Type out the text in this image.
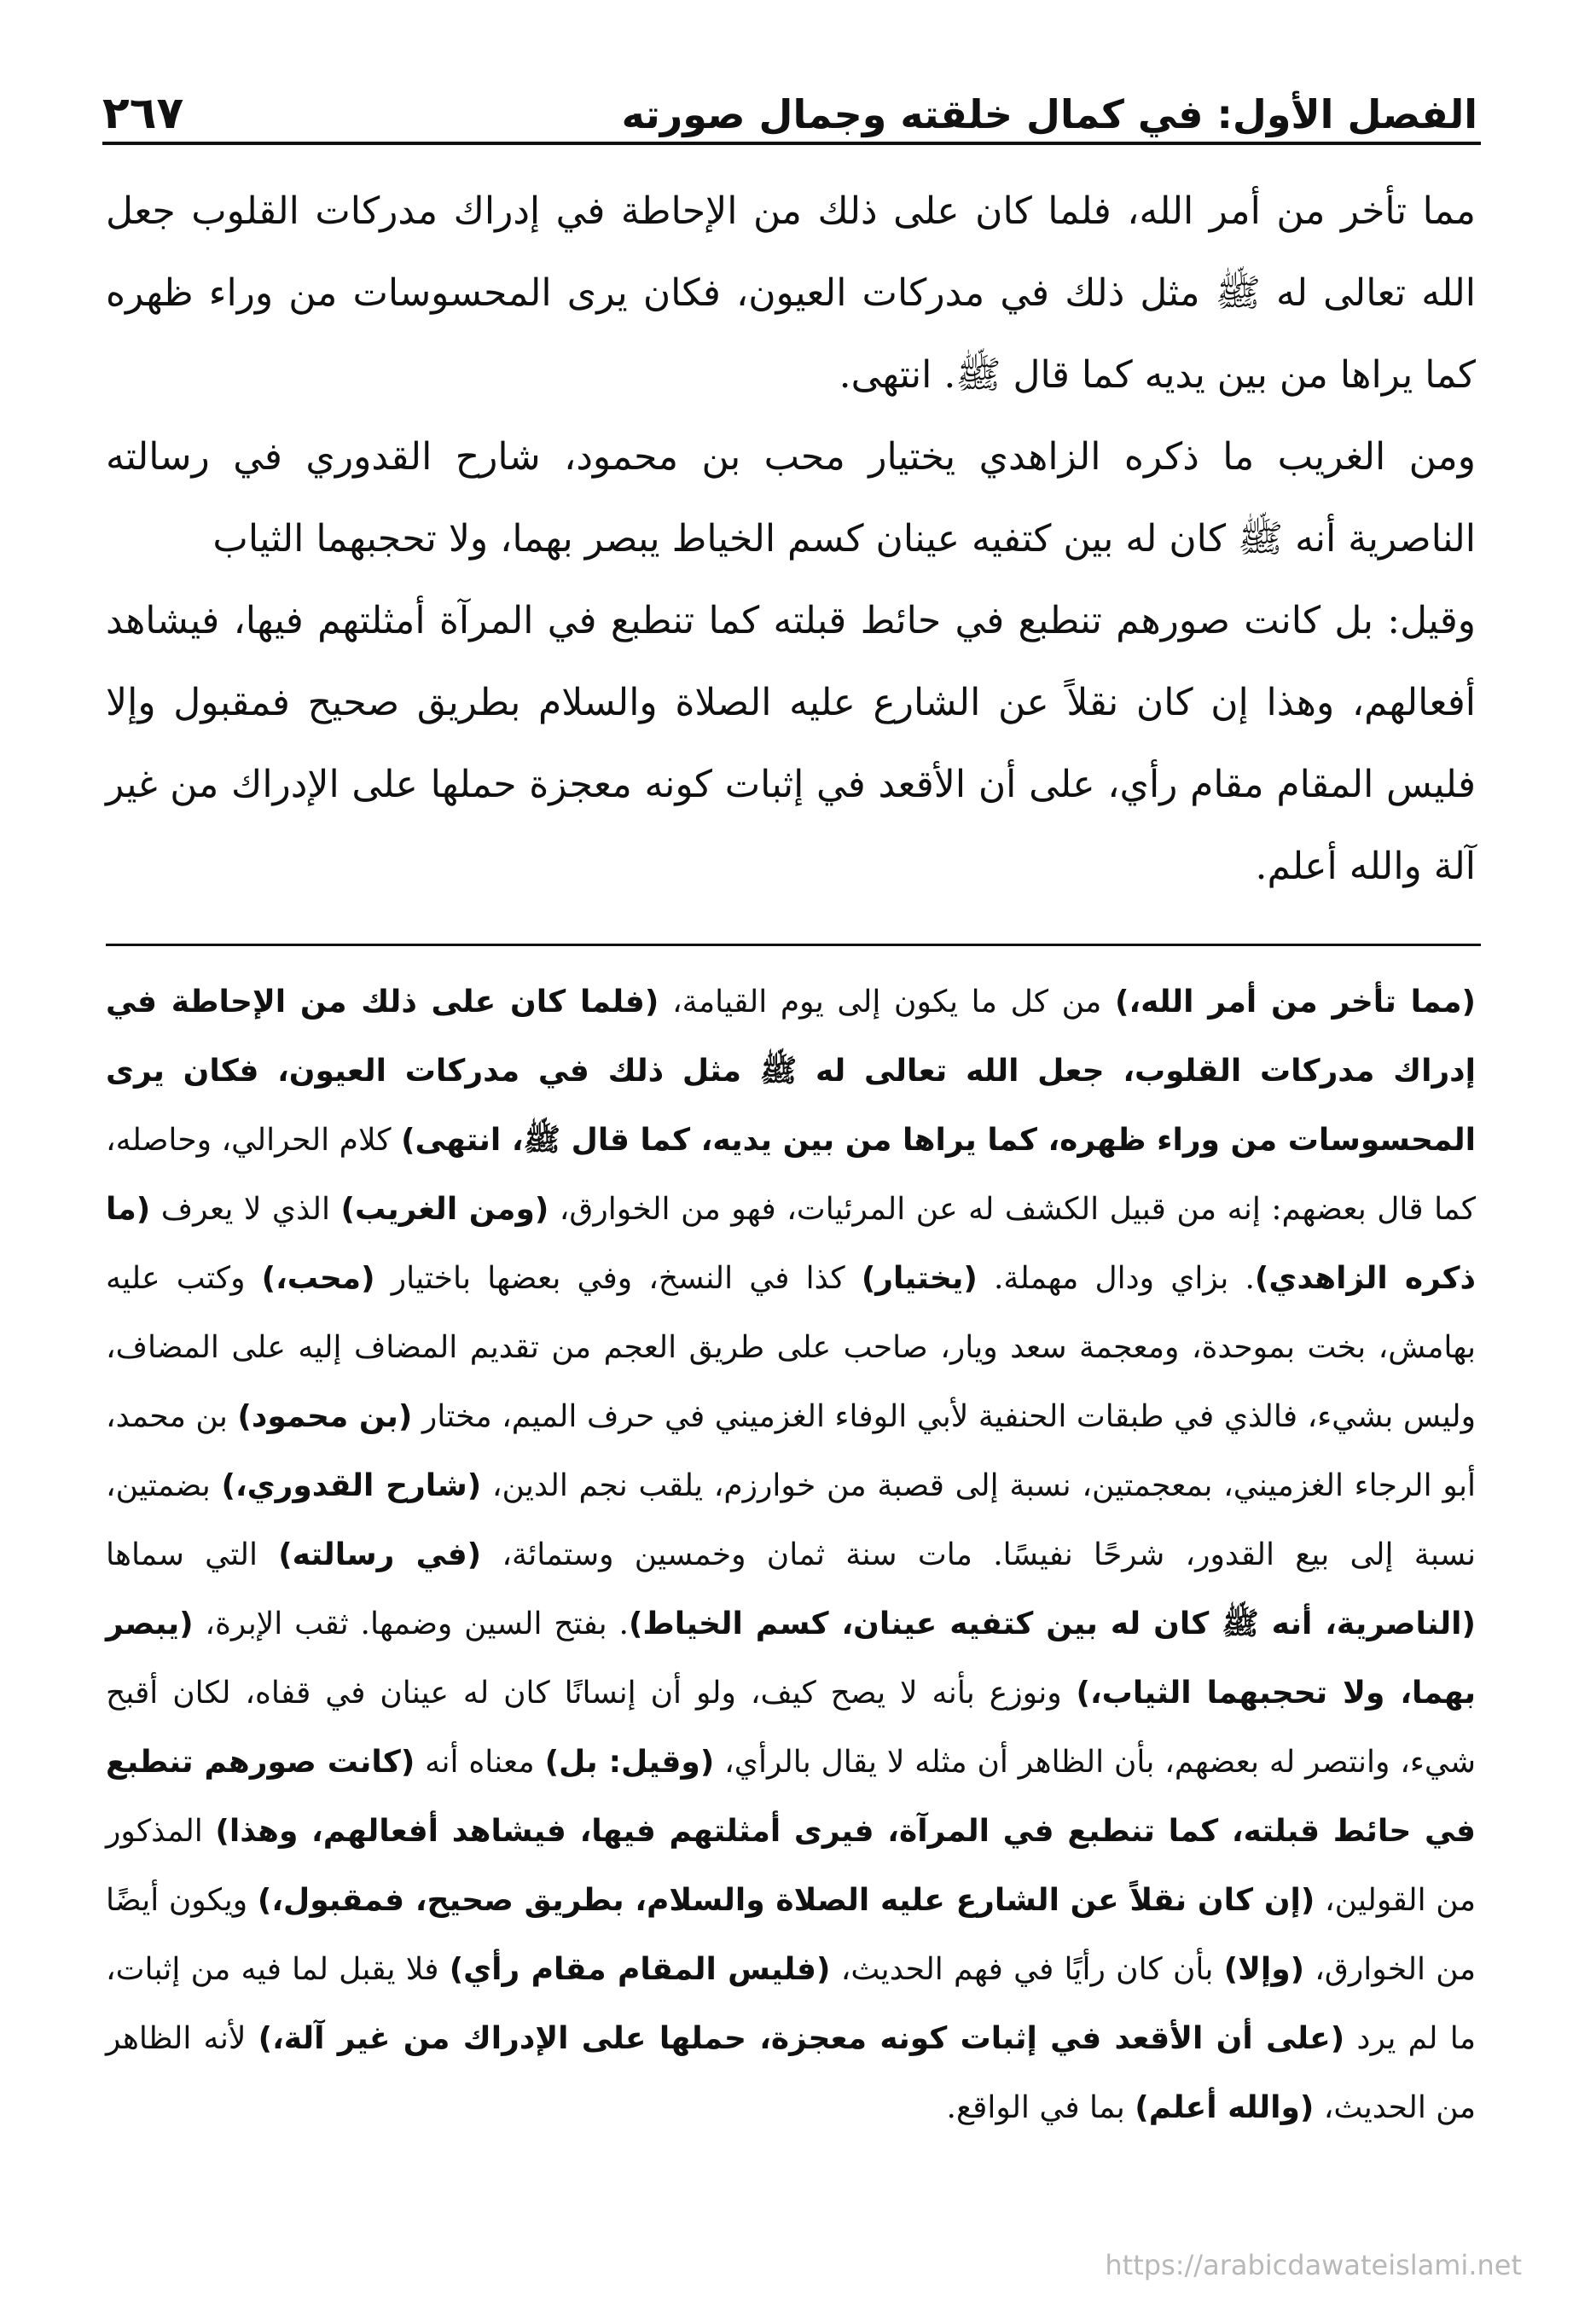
الفصل الأول: في كمال خلقته وجمال صورته
٢٦٧

مما تأخر من أمر الله، فلما كان على ذلك من الإحاطة في إدراك مدركات القلوب جعل الله تعالى له ﷺ مثل ذلك في مدركات العيون، فكان يرى المحسوسات من وراء ظهره كما يراها من بين يديه كما قال ﷺ. انتهى.

ومن الغريب ما ذكره الزاهدي يختيار محب بن محمود، شارح القدوري في رسالته الناصرية أنه ﷺ كان له بين كتفيه عينان كسم الخياط يبصر بهما، ولا تحجبهما الثياب

وقيل: بل كانت صورهم تنطبع في حائط قبلته كما تنطبع في المرآة أمثلتهم فيها، فيشاهد أفعالهم، وهذا إن كان نقلاً عن الشارع عليه الصلاة والسلام بطريق صحيح فمقبول وإلا فليس المقام مقام رأي، على أن الأقعد في إثبات كونه معجزة حملها على الإدراك من غير آلة والله أعلم.

(مما تأخر من أمر الله،) من كل ما يكون إلى يوم القيامة، (فلما كان على ذلك من الإحاطة في إدراك مدركات القلوب، جعل الله تعالى له ﷺ مثل ذلك في مدركات العيون، فكان يرى المحسوسات من وراء ظهره، كما يراها من بين يديه، كما قال ﷺ، انتهى) كلام الحرالي، وحاصله، كما قال بعضهم: إنه من قبيل الكشف له عن المرئيات، فهو من الخوارق، (ومن الغريب) الذي لا يعرف (ما ذكره الزاهدي). بزاي ودال مهملة. (يختيار) كذا في النسخ، وفي بعضها باختيار (محب،) وكتب عليه بهامش، بخت بموحدة، ومعجمة سعد ويار، صاحب على طريق العجم من تقديم المضاف إليه على المضاف، وليس بشيء، فالذي في طبقات الحنفية لأبي الوفاء الغزميني في حرف الميم، مختار (بن محمود) بن محمد، أبو الرجاء الغزميني، بمعجمتين، نسبة إلى قصبة من خوارزم، يلقب نجم الدين، (شارح القدوري،) بضمتين، نسبة إلى بيع القدور، شرحًا نفيسًا. مات سنة ثمان وخمسين وستمائة، (في رسالته) التي سماها (الناصرية، أنه ﷺ كان له بين كتفيه عينان، كسم الخياط). بفتح السين وضمها. ثقب الإبرة، (يبصر بهما، ولا تحجبهما الثياب،) ونوزع بأنه لا يصح كيف، ولو أن إنسانًا كان له عينان في قفاه، لكان أقبح شيء، وانتصر له بعضهم، بأن الظاهر أن مثله لا يقال بالرأي، (وقيل: بل) معناه أنه (كانت صورهم تنطبع في حائط قبلته، كما تنطبع في المرآة، فيرى أمثلتهم فيها، فيشاهد أفعالهم، وهذا) المذكور من القولين، (إن كان نقلاً عن الشارع عليه الصلاة والسلام، بطريق صحيح، فمقبول،) ويكون أيضًا من الخوارق، (وإلا) بأن كان رأيًا في فهم الحديث، (فليس المقام مقام رأي) فلا يقبل لما فيه من إثبات، ما لم يرد (على أن الأقعد في إثبات كونه معجزة، حملها على الإدراك من غير آلة،) لأنه الظاهر من الحديث، (والله أعلم) بما في الواقع.

https://arabicdawateislami.net
